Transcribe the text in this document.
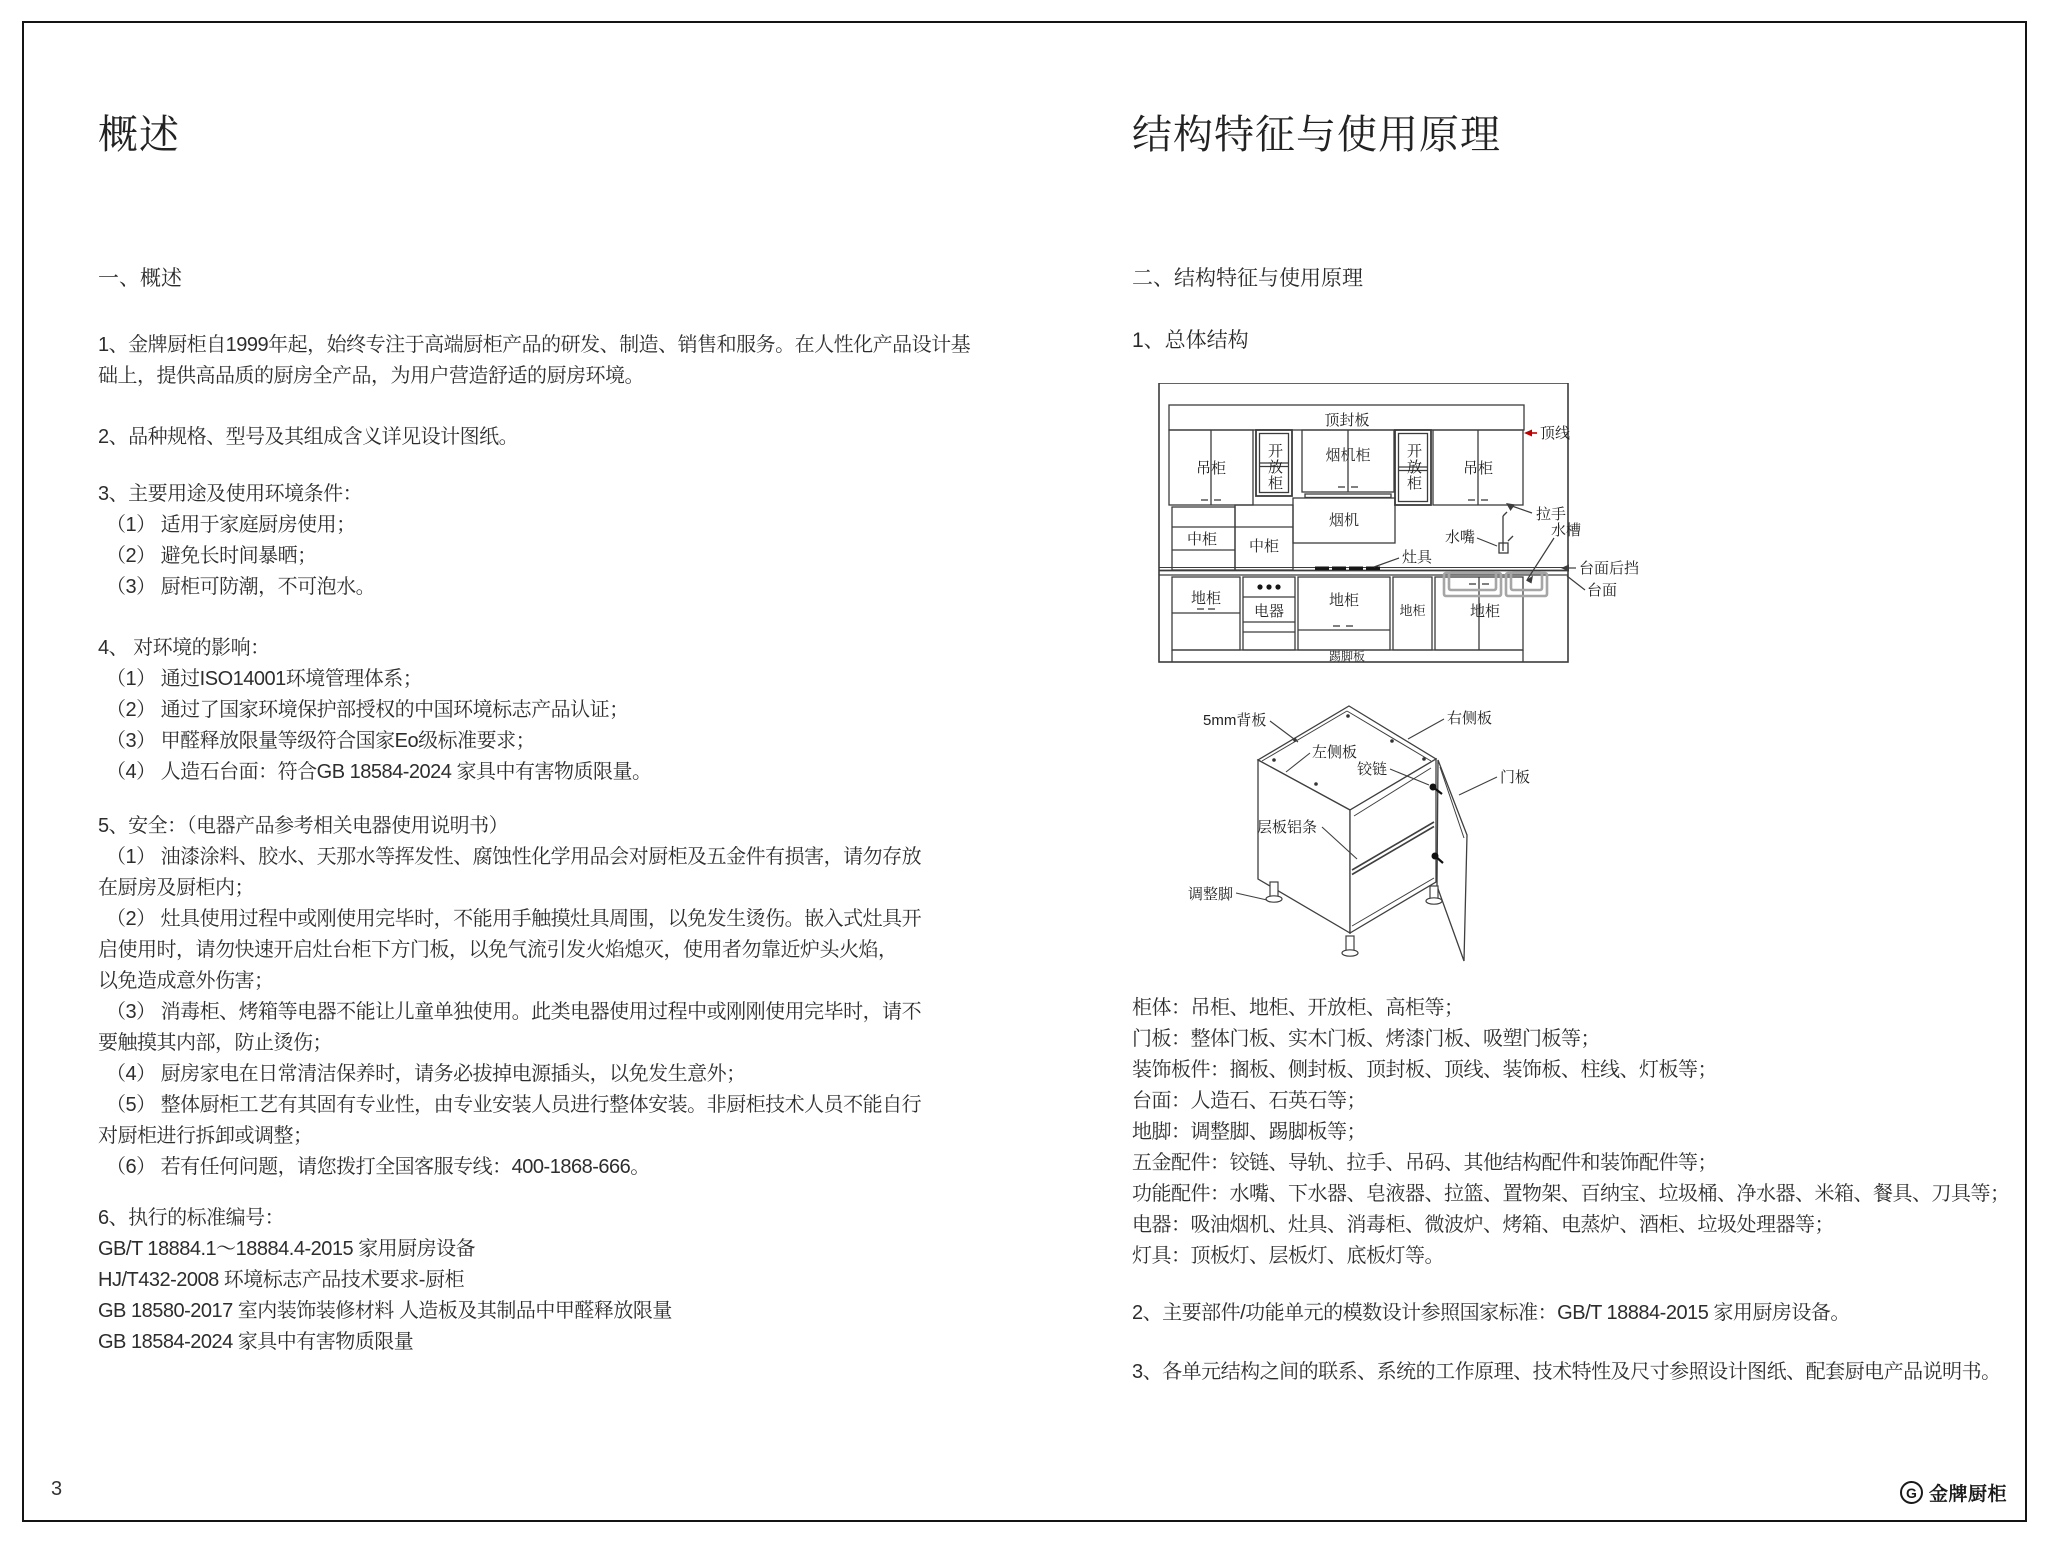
概述
一、概述
1、金牌厨柜自1999年起，始终专注于高端厨柜产品的研发、制造、销售和服务。在人性化产品设计基
础上，提供高品质的厨房全产品，为用户营造舒适的厨房环境。
2、品种规格、型号及其组成含义详见设计图纸。
3、主要用途及使用环境条件：
（1） 适用于家庭厨房使用；
（2） 避免长时间暴晒；
（3） 厨柜可防潮，不可泡水。
4、 对环境的影响：
（1） 通过ISO14001环境管理体系；
（2） 通过了国家环境保护部授权的中国环境标志产品认证；
（3） 甲醛释放限量等级符合国家Eo级标准要求；
（4） 人造石台面：符合GB 18584-2024 家具中有害物质限量。
5、安全：（电器产品参考相关电器使用说明书）
（1） 油漆涂料、胶水、天那水等挥发性、腐蚀性化学用品会对厨柜及五金件有损害，请勿存放
在厨房及厨柜内；
（2） 灶具使用过程中或刚使用完毕时，不能用手触摸灶具周围，以免发生烫伤。嵌入式灶具开
启使用时，请勿快速开启灶台柜下方门板，以免气流引发火焰熄灭，使用者勿靠近炉头火焰，
以免造成意外伤害；
（3） 消毒柜、烤箱等电器不能让儿童单独使用。此类电器使用过程中或刚刚使用完毕时，请不
要触摸其内部，防止烫伤；
（4） 厨房家电在日常清洁保养时，请务必拔掉电源插头，以免发生意外；
（5） 整体厨柜工艺有其固有专业性，由专业安装人员进行整体安装。非厨柜技术人员不能自行
对厨柜进行拆卸或调整；
（6） 若有任何问题，请您拨打全国客服专线：400-1868-666。
6、执行的标准编号：
GB/T 18884.1～18884.4-2015 家用厨房设备
HJ/T432-2008 环境标志产品技术要求-厨柜
GB 18580-2017 室内装饰装修材料 人造板及其制品中甲醛释放限量
GB 18584-2024 家具中有害物质限量
结构特征与使用原理
二、结构特征与使用原理
1、总体结构
顶封板
顶线
吊柜
烟机柜
吊柜
烟机	拉手
中柜 中柜
灶具
水嘴	水槽
台面后挡
台面
地柜
电器
地柜
地柜	地柜
踢脚板
开放柜	开放柜
5mm背板	右侧板
左侧板
铰链	门板
层板铝条
调整脚
柜体：吊柜、地柜、开放柜、高柜等；
门板：整体门板、实木门板、烤漆门板、吸塑门板等；
装饰板件：搁板、侧封板、顶封板、顶线、装饰板、柱线、灯板等；
台面：人造石、石英石等；
地脚：调整脚、踢脚板等；
五金配件：铰链、导轨、拉手、吊码、其他结构配件和装饰配件等；
功能配件：水嘴、下水器、皂液器、拉篮、置物架、百纳宝、垃圾桶、净水器、米箱、餐具、刀具等；
电器：吸油烟机、灶具、消毒柜、微波炉、烤箱、电蒸炉、酒柜、垃圾处理器等；
灯具：顶板灯、层板灯、底板灯等。
2、主要部件/功能单元的模数设计参照国家标准：GB/T 18884-2015 家用厨房设备。
3、各单元结构之间的联系、系统的工作原理、技术特性及尺寸参照设计图纸、配套厨电产品说明书。
3	G 金牌厨柜
